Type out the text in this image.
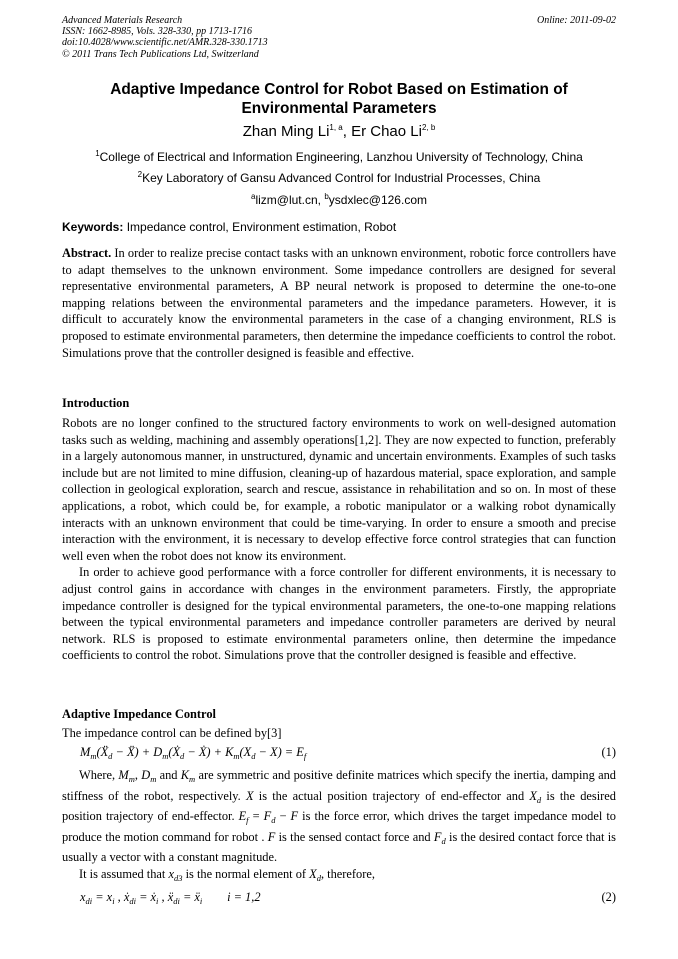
Advanced Materials Research
ISSN: 1662-8985, Vols. 328-330, pp 1713-1716
doi:10.4028/www.scientific.net/AMR.328-330.1713
© 2011 Trans Tech Publications Ltd, Switzerland
Online: 2011-09-02
Adaptive Impedance Control for Robot Based on Estimation of
Environmental Parameters
Zhan Ming Li$^{1, a}$, Er Chao Li$^{2, b}$
$^1$College of Electrical and Information Engineering, Lanzhou University of Technology, China
$^2$Key Laboratory of Gansu Advanced Control for Industrial Processes, China
$^a$lizm@lut.cn, $^b$ysdxlec@126.com
Keywords: Impedance control, Environment estimation, Robot

Abstract. In order to realize precise contact tasks with an unknown environment, robotic force controllers have to adapt themselves to the unknown environment. Some impedance controllers are designed for several representative environmental parameters, A BP neural network is proposed to determine the one-to-one mapping relations between the environmental parameters and the impedance parameters. However, it is difficult to accurately know the environmental parameters in the case of a changing environment, RLS is proposed to estimate environmental parameters, then determine the impedance coefficients to control the robot. Simulations prove that the controller designed is feasible and effective.

Introduction

Robots are no longer confined to the structured factory environments to work on well-designed automation tasks such as welding, machining and assembly operations[1,2]. They are now expected to function, preferably in a largely autonomous manner, in unstructured, dynamic and uncertain environments. Examples of such tasks include but are not limited to mine diffusion, cleaning-up of hazardous material, space exploration, and sample collection in geological exploration, search and rescue, assistance in rehabilitation and so on. In most of these applications, a robot, which could be, for example, a robotic manipulator or a walking robot dynamically interacts with an unknown environment that could be time-varying. In order to ensure a smooth and precise interaction with the environment, it is necessary to develop effective force control strategies that can function well even when the robot does not know its environment.

In order to achieve good performance with a force controller for different environments, it is necessary to adjust control gains in accordance with changes in the environment parameters. Firstly, the appropriate impedance controller is designed for the typical environmental parameters, the one-to-one mapping relations between the typical environmental parameters and impedance controller parameters are derived by neural network. RLS is proposed to estimate environmental parameters online, then determine the impedance coefficients to control the robot. Simulations prove that the controller designed is feasible and effective.

Adaptive Impedance Control
The impedance control can be defined by[3]
$M_m(Ẍ_d$ − Ẍ) + $D_m(Ẋ_d$ − Ẋ) + $K_m(X_d - X) = E_f$	(1)

Where, $M_m$, $D_m$ and $K_m$ are symmetric and positive definite matrices which specify the inertia, damping and stiffness of the robot, respectively. X is the actual position trajectory of end-effector and $X_d$ is the desired position trajectory of end-effector. $E_f = F_d - F$ is the force error, which drives the target impedance model to produce the motion command for robot . F is the sensed contact force and $F_d$ is the desired contact force that is usually a vector with a constant magnitude.

It is assumed that $x_{d3}$ is the normal element of $X_d$, therefore,

$x_{di} = x_i$ , ẋ$_{di}$ = ẋ$_i$ , ẍ$_{di}$ = ẍ$_i$        i = 1,2	(2)
